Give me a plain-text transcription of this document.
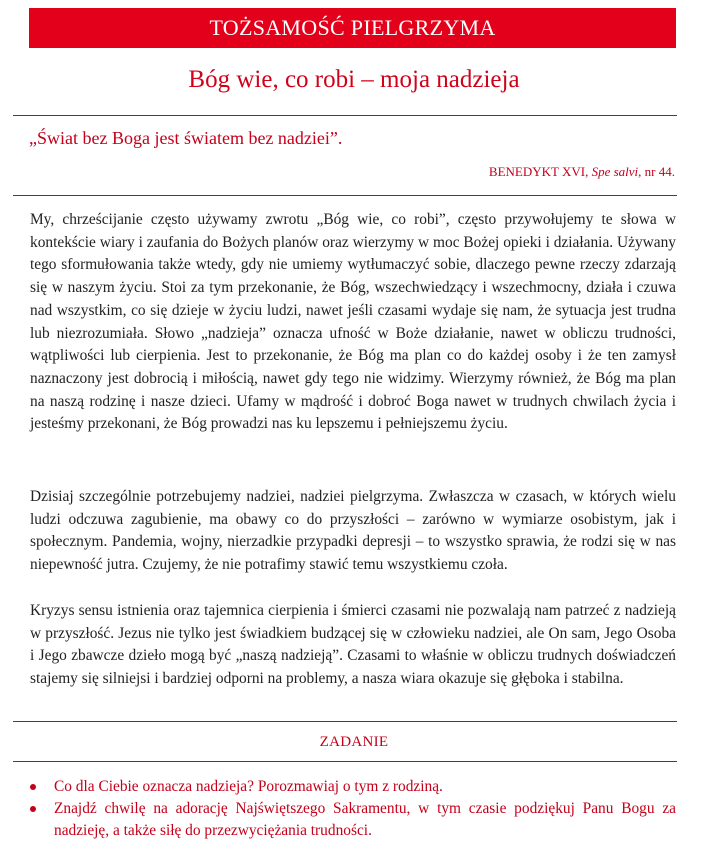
TOŻSAMOŚĆ PIELGRZYMA
Bóg wie, co robi – moja nadzieja
„Świat bez Boga jest światem bez nadziei”.
BENEDYKT XVI, Spe salvi, nr 44.
My, chrześcijanie często używamy zwrotu „Bóg wie, co robi”, często przywołujemy te słowa w kontekście wiary i zaufania do Bożych planów oraz wierzymy w moc Bożej opieki i działania. Używany tego sformułowania także wtedy, gdy nie umiemy wytłumaczyć sobie, dlaczego pewne rzeczy zdarzają się w naszym życiu. Stoi za tym przekonanie, że Bóg, wszechwiedzący i wszechmocny, działa i czuwa nad wszystkim, co się dzieje w życiu ludzi, nawet jeśli czasami wydaje się nam, że sytuacja jest trudna lub niezrozumiała. Słowo „nadzieja” oznacza ufność w Boże działanie, nawet w obliczu trudności, wątpliwości lub cierpienia. Jest to przekonanie, że Bóg ma plan co do każdej osoby i że ten zamysł naznaczony jest dobrocią i miłością, nawet gdy tego nie widzimy. Wierzymy również, że Bóg ma plan na naszą rodzinę i nasze dzieci. Ufamy w mądrość i dobroć Boga nawet w trudnych chwilach życia i jesteśmy przekonani, że Bóg prowadzi nas ku lepszemu i pełniejszemu życiu.
Dzisiaj szczególnie potrzebujemy nadziei, nadziei pielgrzyma. Zwłaszcza w czasach, w których wielu ludzi odczuwa zagubienie, ma obawy co do przyszłości – zarówno w wymiarze osobistym, jak i społecznym. Pandemia, wojny, nierzadkie przypadki depresji – to wszystko sprawia, że rodzi się w nas niepewność jutra. Czujemy, że nie potrafimy stawić temu wszystkiemu czoła.
Kryzys sensu istnienia oraz tajemnica cierpienia i śmierci czasami nie pozwalają nam patrzeć z nadzieją w przyszłość. Jezus nie tylko jest świadkiem budzącej się w człowieku nadziei, ale On sam, Jego Osoba i Jego zbawcze dzieło mogą być „naszą nadzieją”. Czasami to właśnie w obliczu trudnych doświadczeń stajemy się silniejsi i bardziej odporni na problemy, a nasza wiara okazuje się głęboka i stabilna.
ZADANIE
Co dla Ciebie oznacza nadzieja? Porozmawiaj o tym z rodziną.
Znajdź chwilę na adorację Najświętszego Sakramentu, w tym czasie podziękuj Panu Bogu za nadzieję, a także siłę do przezwyciężania trudności.
